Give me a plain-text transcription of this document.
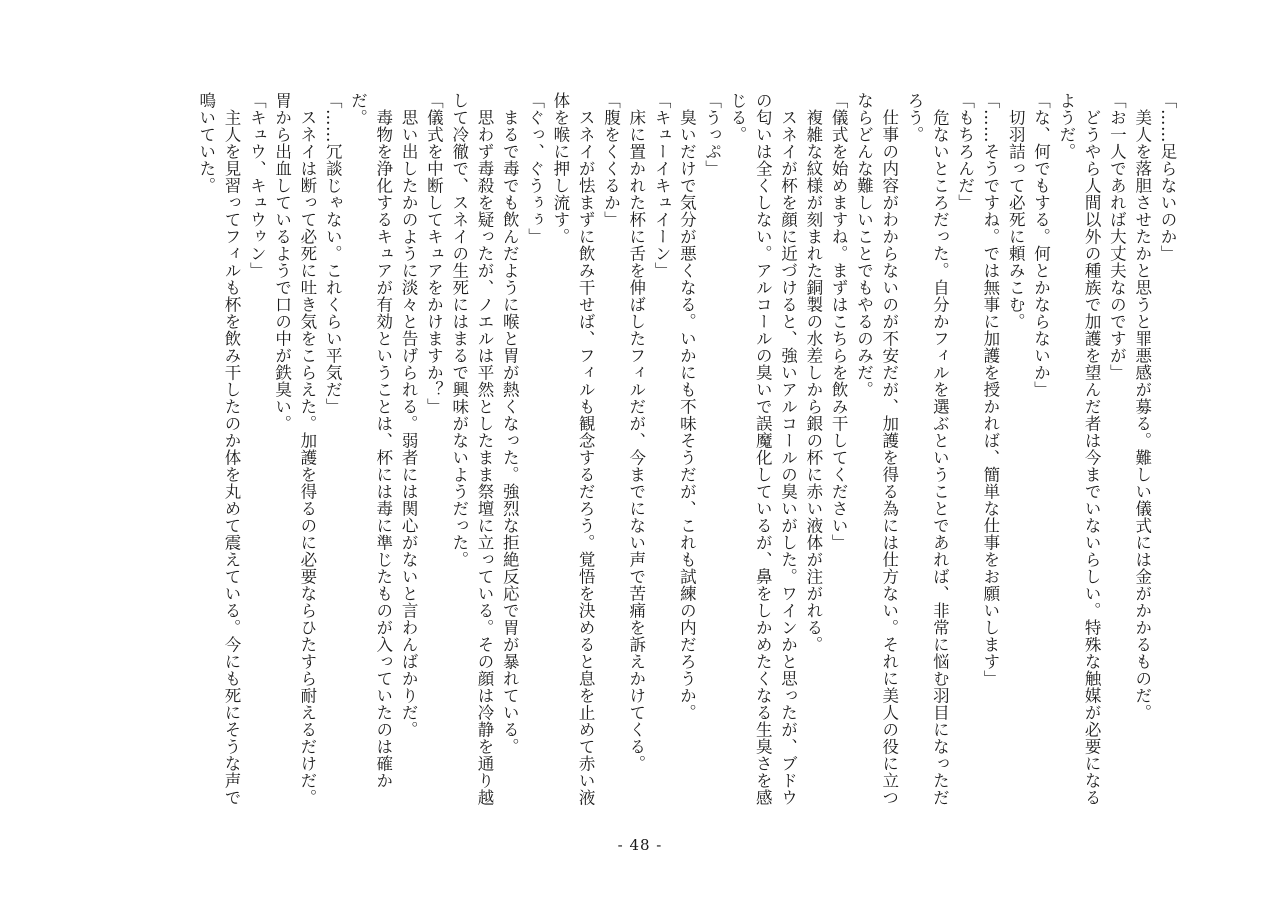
「……足らないのか」

　美人を落胆させたかと思うと罪悪感が募る。難しい儀式には金がかかるものだ。

「お一人であれば大丈夫なのですが」

　どうやら人間以外の種族で加護を望んだ者は今までいないらしい。特殊な触媒が必要になるようだ。

「な、何でもする。何とかならないか」

　切羽詰って必死に頼みこむ。

「……そうですね。では無事に加護を授かれば、簡単な仕事をお願いします」

「もちろんだ」

　危ないところだった。自分かフィルを選ぶということであれば、非常に悩む羽目になっただろう。

　仕事の内容がわからないのが不安だが、加護を得る為には仕方ない。それに美人の役に立つならどんな難しいことでもやるのみだ。

「儀式を始めますね。まずはこちらを飲み干してください」

　複雑な紋様が刻まれた銅製の水差しから銀の杯に赤い液体が注がれる。

　スネイが杯を顔に近づけると、強いアルコールの臭いがした。ワインかと思ったが、ブドウの匂いは全くしない。アルコールの臭いで誤魔化しているが、鼻をしかめたくなる生臭さを感じる。

「うっぷ」

　臭いだけで気分が悪くなる。いかにも不味そうだが、これも試練の内だろうか。

「キューイキュイーン」

　床に置かれた杯に舌を伸ばしたフィルだが、今までにない声で苦痛を訴えかけてくる。

「腹をくくるか」

　スネイが怯まずに飲み干せば、フィルも観念するだろう。覚悟を決めると息を止めて赤い液体を喉に押し流す。

「ぐっ、ぐうぅぅ」

　まるで毒でも飲んだように喉と胃が熱くなった。強烈な拒絶反応で胃が暴れている。

　思わず毒殺を疑ったが、ノエルは平然としたまま祭壇に立っている。その顔は冷静を通り越して冷徹で、スネイの生死にはまるで興味がないようだった。

「儀式を中断してキュアをかけますか？」

　思い出したかのように淡々と告げられる。弱者には関心がないと言わんばかりだ。

　毒物を浄化するキュアが有効ということは、杯には毒に準じたものが入っていたのは確かだ。

「……冗談じゃない。これくらい平気だ」

　スネイは断って必死に吐き気をこらえた。加護を得るのに必要ならひたすら耐えるだけだ。胃から出血しているようで口の中が鉄臭い。

「キュウ、キュウゥン」

　主人を見習ってフィルも杯を飲み干したのか体を丸めて震えている。今にも死にそうな声で鳴いていた。

- 48 -
